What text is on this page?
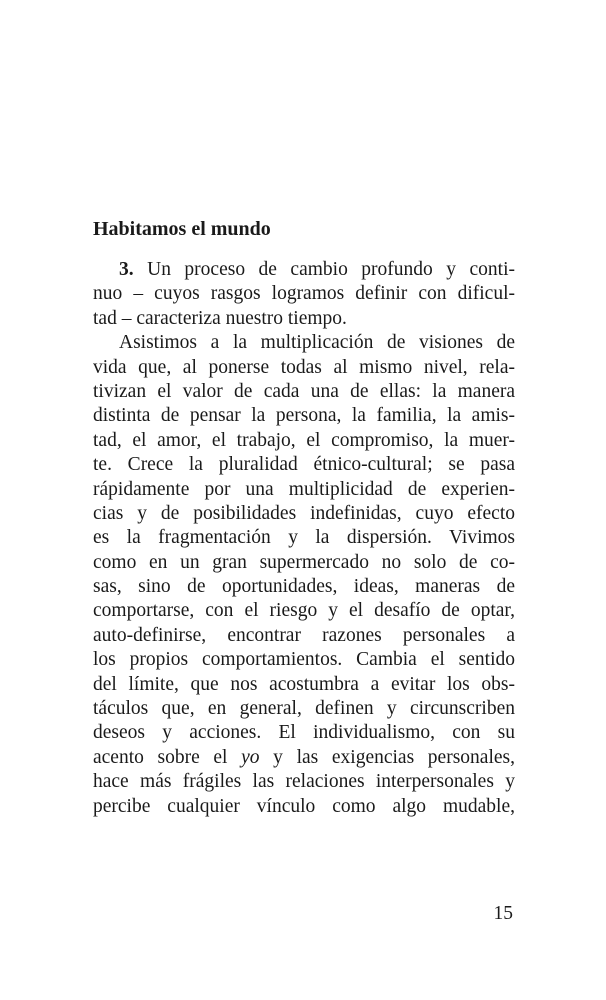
Habitamos el mundo
3. Un proceso de cambio profundo y conti-
nuo – cuyos rasgos logramos definir con dificul-
tad – caracteriza nuestro tiempo.
Asistimos a la multiplicación de visiones de
vida que, al ponerse todas al mismo nivel, rela-
tivizan el valor de cada una de ellas: la manera
distinta de pensar la persona, la familia, la amis-
tad, el amor, el trabajo, el compromiso, la muer-
te. Crece la pluralidad étnico-cultural; se pasa
rápidamente por una multiplicidad de experien-
cias y de posibilidades indefinidas, cuyo efecto
es la fragmentación y la dispersión. Vivimos
como en un gran supermercado no solo de co-
sas, sino de oportunidades, ideas, maneras de
comportarse, con el riesgo y el desafío de optar,
auto-definirse, encontrar razones personales a
los propios comportamientos. Cambia el sentido
del límite, que nos acostumbra a evitar los obs-
táculos que, en general, definen y circunscriben
deseos y acciones. El individualismo, con su
acento sobre el yo y las exigencias personales,
hace más frágiles las relaciones interpersonales y
percibe cualquier vínculo como algo mudable,
15
